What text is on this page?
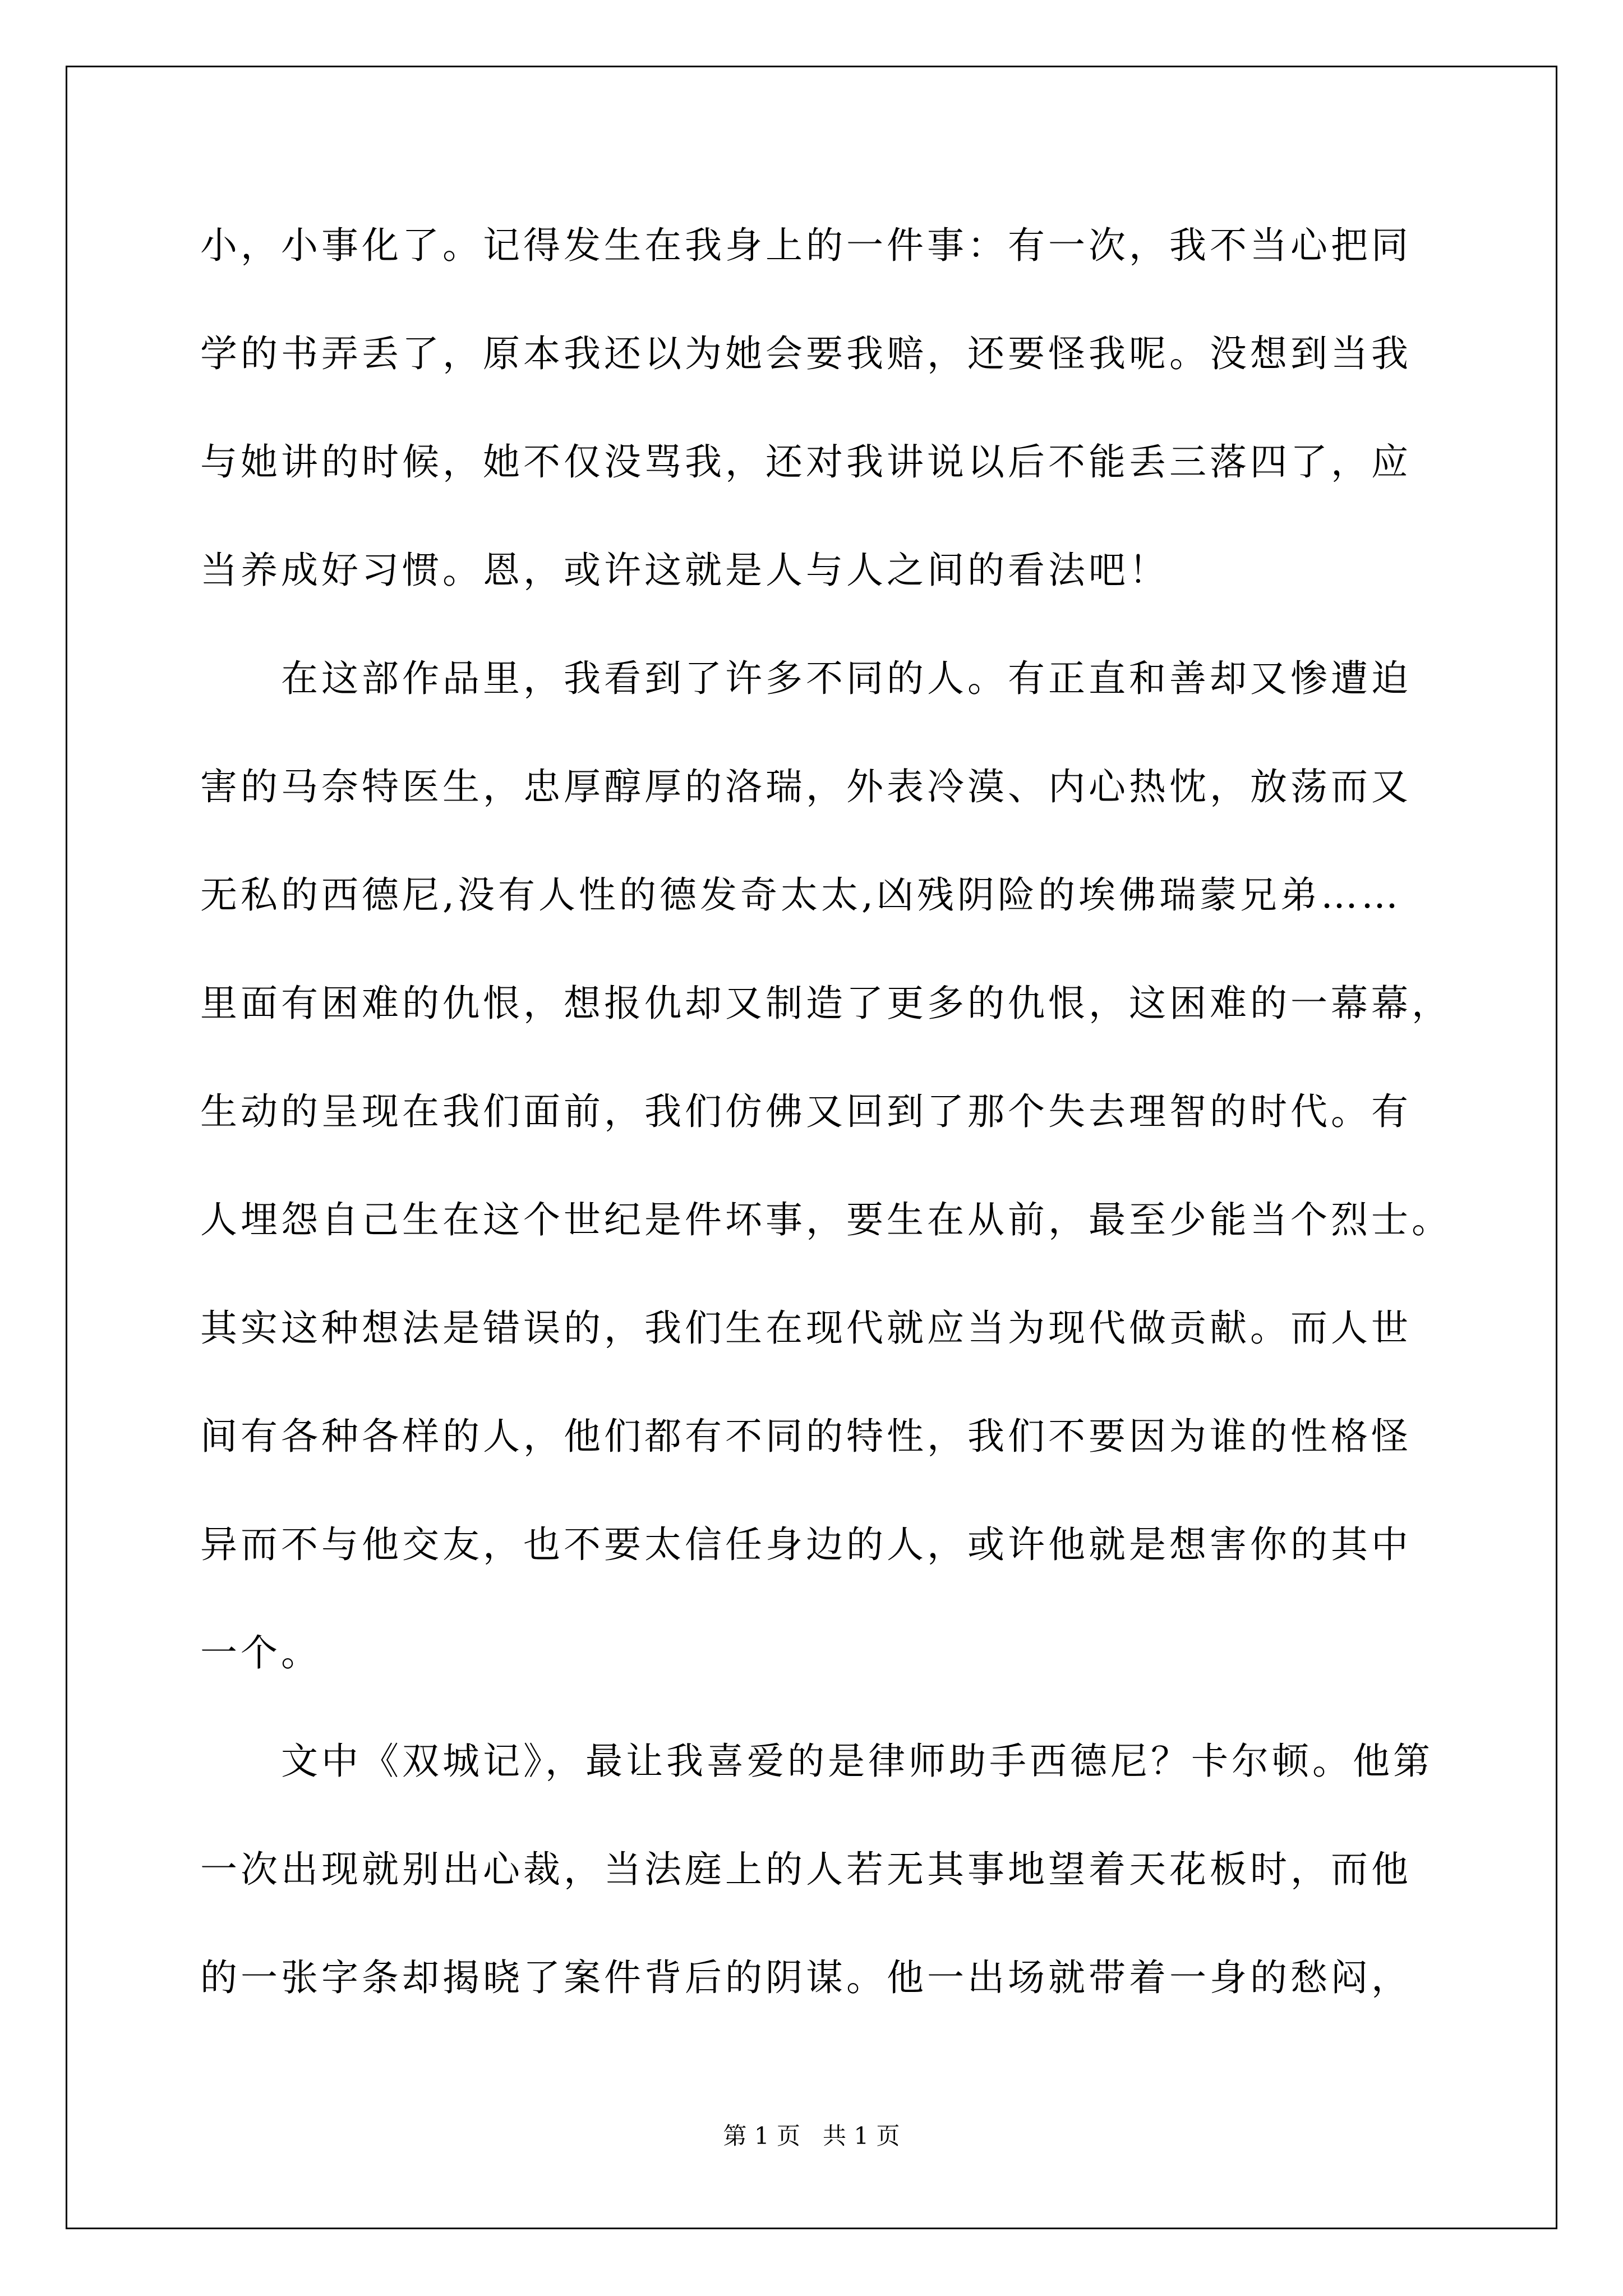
小，小事化了。记得发生在我身上的一件事：有一次，我不当心把同
学的书弄丢了，原本我还以为她会要我赔，还要怪我呢。没想到当我
与她讲的时候，她不仅没骂我，还对我讲说以后不能丢三落四了，应
当养成好习惯。恩，或许这就是人与人之间的看法吧！
　　在这部作品里，我看到了许多不同的人。有正直和善却又惨遭迫
害的马奈特医生，忠厚醇厚的洛瑞，外表冷漠、内心热忱，放荡而又
无私的西德尼,没有人性的德发奇太太,凶残阴险的埃佛瑞蒙兄弟……
里面有困难的仇恨，想报仇却又制造了更多的仇恨，这困难的一幕幕，
生动的呈现在我们面前，我们仿佛又回到了那个失去理智的时代。有
人埋怨自己生在这个世纪是件坏事，要生在从前，最至少能当个烈士。
其实这种想法是错误的，我们生在现代就应当为现代做贡献。而人世
间有各种各样的人，他们都有不同的特性，我们不要因为谁的性格怪
异而不与他交友，也不要太信任身边的人，或许他就是想害你的其中
一个。
　　文中《双城记》，最让我喜爱的是律师助手西德尼？卡尔顿。他第
一次出现就别出心裁，当法庭上的人若无其事地望着天花板时，而他
的一张字条却揭晓了案件背后的阴谋。他一出场就带着一身的愁闷，
第 1 页   共 1 页
